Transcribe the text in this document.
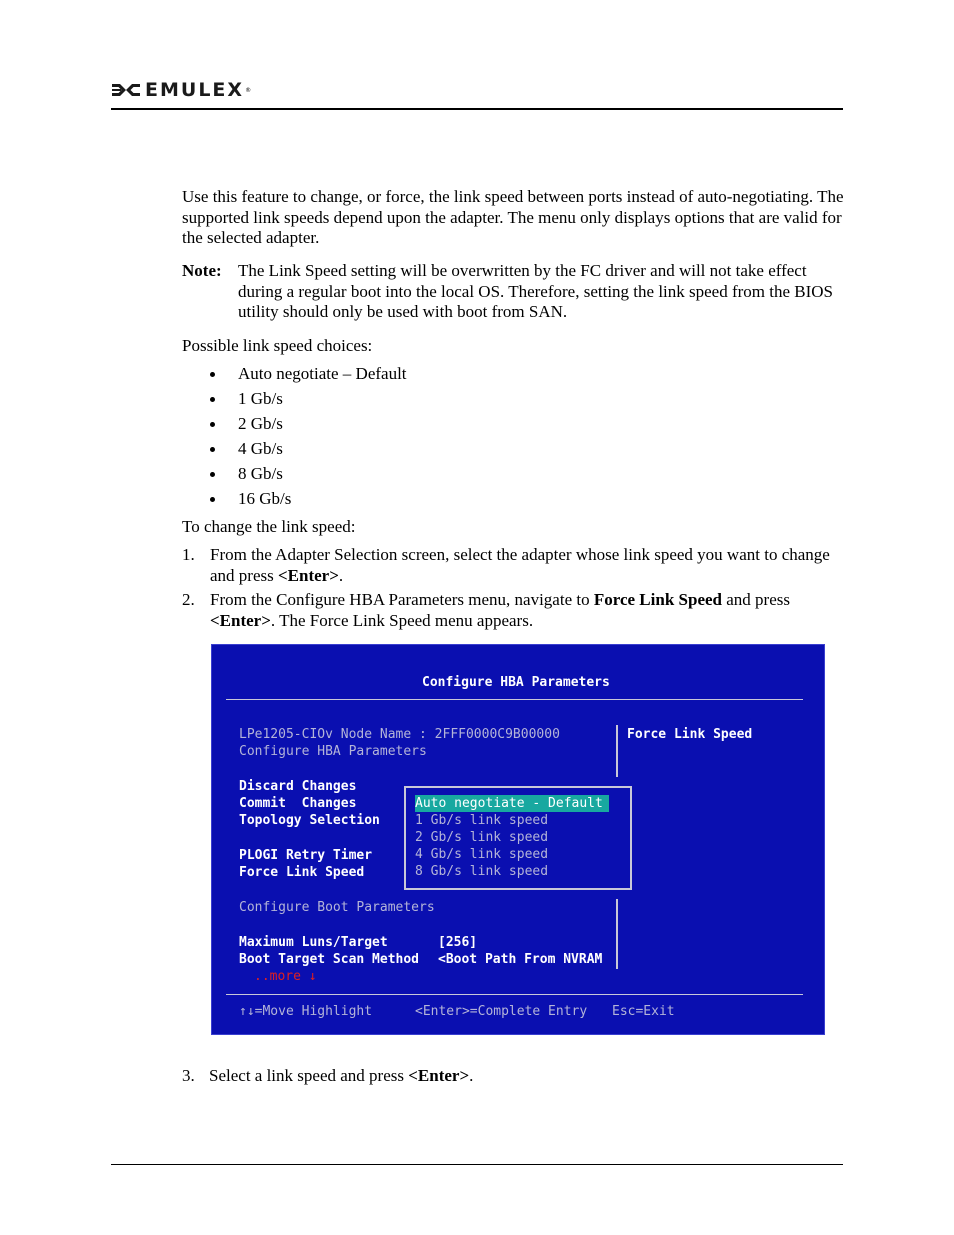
EMULEX ®
Use this feature to change, or force, the link speed between ports instead of auto-negotiating. The supported link speeds depend upon the adapter. The menu only displays options that are valid for the selected adapter.
Note: The Link Speed setting will be overwritten by the FC driver and will not take effect during a regular boot into the local OS. Therefore, setting the link speed from the BIOS utility should only be used with boot from SAN.
Possible link speed choices:
Auto negotiate – Default
1 Gb/s
2 Gb/s
4 Gb/s
8 Gb/s
16 Gb/s
To change the link speed:
1. From the Adapter Selection screen, select the adapter whose link speed you want to change and press <Enter>.
2. From the Configure HBA Parameters menu, navigate to Force Link Speed and press <Enter>. The Force Link Speed menu appears.
Configure HBA Parameters
LPe1205-CIOv Node Name : 2FFF0000C9B00000
Configure HBA Parameters
Force Link Speed
Discard Changes
Commit  Changes
Topology Selection
PLOGI Retry Timer
Force Link Speed
Auto negotiate - Default
1 Gb/s link speed
2 Gb/s link speed
4 Gb/s link speed
8 Gb/s link speed
Configure Boot Parameters
Maximum Luns/Target	[256]
Boot Target Scan Method <Boot Path From NVRAM
..more ↓
↑↓=Move Highlight	<Enter>=Complete Entry Esc=Exit
3. Select a link speed and press <Enter>.
